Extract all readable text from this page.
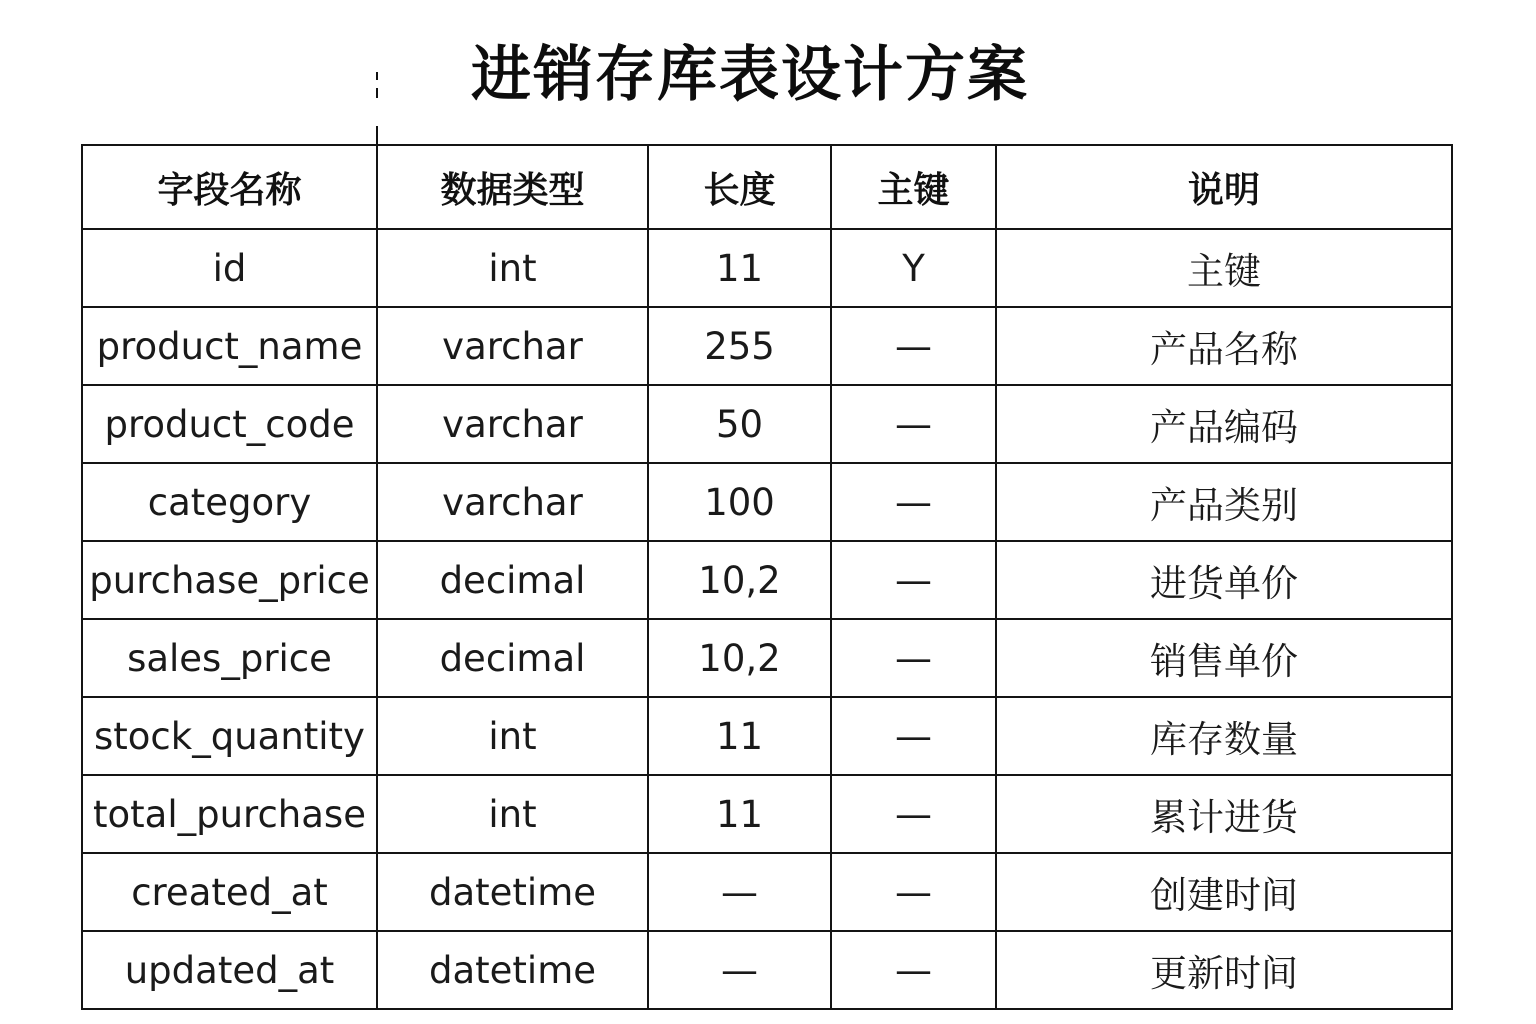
进销存库表设计方案
字段名称	数据类型	长度	主键	说明
id	int	11	Y	主键
product_name	varchar	255	—	产品名称
product_code	varchar	50	—	产品编码
category	varchar	100	—	产品类别
purchase_price	decimal	10,2	—	进货单价
sales_price	decimal	10,2	—	销售单价
stock_quantity	int	11	—	库存数量
total_purchase	int	11	—	累计进货
created_at	datetime	—	—	创建时间
updated_at	datetime	—	—	更新时间
